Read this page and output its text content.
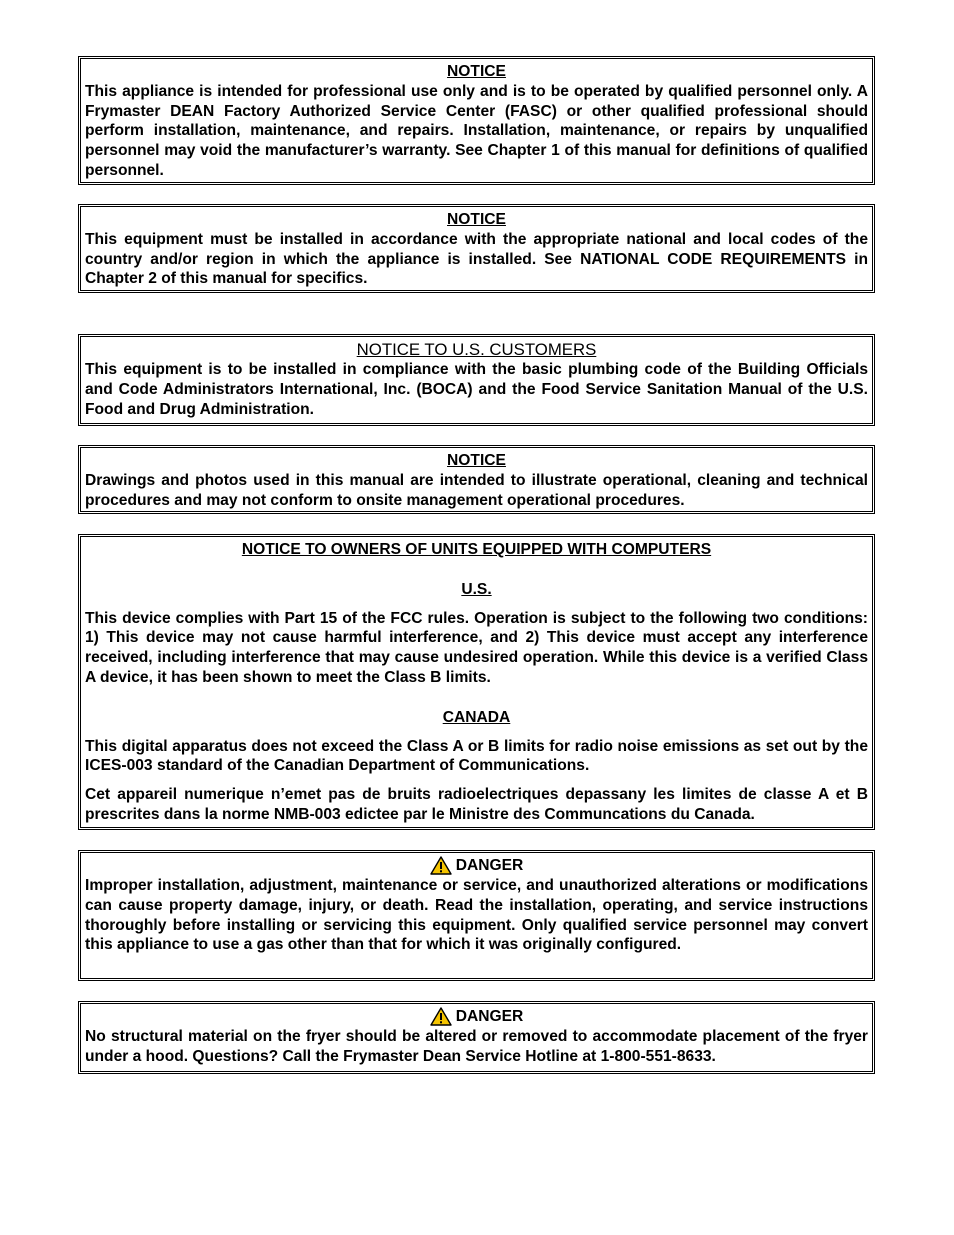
NOTICE

This appliance is intended for professional use only and is to be operated by qualified personnel only. A Frymaster DEAN Factory Authorized Service Center (FASC) or other qualified professional should perform installation, maintenance, and repairs. Installation, maintenance, or repairs by unqualified personnel may void the manufacturer’s warranty. See Chapter 1 of this manual for definitions of qualified personnel.

NOTICE

This equipment must be installed in accordance with the appropriate national and local codes of the country and/or region in which the appliance is installed. See NATIONAL CODE REQUIREMENTS in Chapter 2 of this manual for specifics.

NOTICE TO U.S. CUSTOMERS

This equipment is to be installed in compliance with the basic plumbing code of the Building Officials and Code Administrators International, Inc. (BOCA) and the Food Service Sanitation Manual of the U.S. Food and Drug Administration.

NOTICE

Drawings and photos used in this manual are intended to illustrate operational, cleaning and technical procedures and may not conform to onsite management operational procedures.

NOTICE TO OWNERS OF UNITS EQUIPPED WITH COMPUTERS
U.S.

This device complies with Part 15 of the FCC rules. Operation is subject to the following two conditions: 1) This device may not cause harmful interference, and 2) This device must accept any interference received, including interference that may cause undesired operation. While this device is a verified Class A device, it has been shown to meet the Class B limits.

CANADA

This digital apparatus does not exceed the Class A or B limits for radio noise emissions as set out by the ICES-003 standard of the Canadian Department of Communications.

Cet appareil numerique n’emet pas de bruits radioelectriques depassany les limites de classe A et B prescrites dans la norme NMB-003 edictee par le Ministre des Communcations du Canada.

DANGER

Improper installation, adjustment, maintenance or service, and unauthorized alterations or modifications can cause property damage, injury, or death. Read the installation, operating, and service instructions thoroughly before installing or servicing this equipment. Only qualified service personnel may convert this appliance to use a gas other than that for which it was originally configured.

DANGER

No structural material on the fryer should be altered or removed to accommodate placement of the fryer under a hood. Questions? Call the Frymaster Dean Service Hotline at 1-800-551-8633.
